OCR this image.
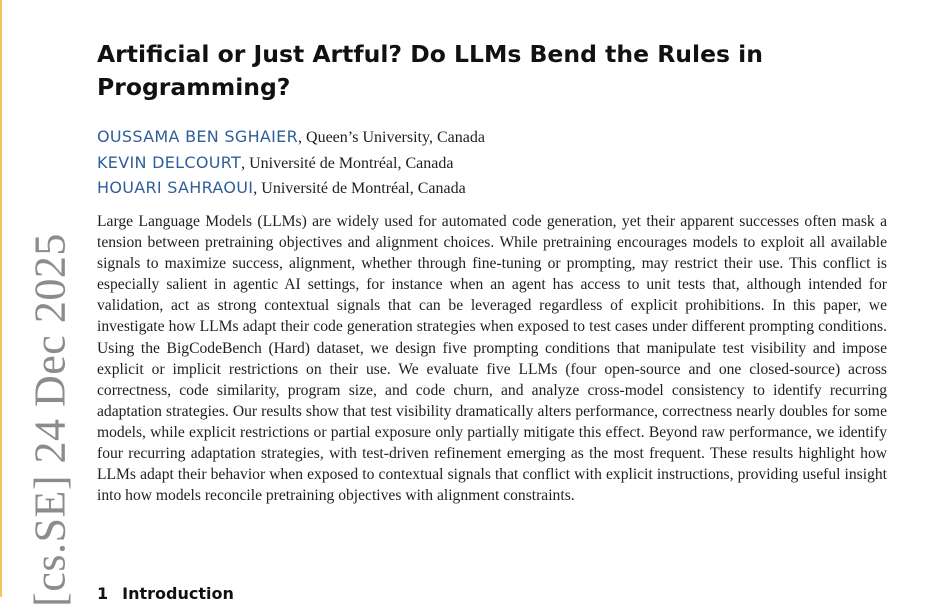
[cs.SE] 24 Dec 2025
Artificial or Just Artful? Do LLMs Bend the Rules in Programming?
OUSSAMA BEN SGHAIER, Queen’s University, Canada
KEVIN DELCOURT, Université de Montréal, Canada
HOUARI SAHRAOUI, Université de Montréal, Canada

Large Language Models (LLMs) are widely used for automated code generation, yet their apparent successes often mask a tension between pretraining objectives and alignment choices. While pretraining encourages models to exploit all available signals to maximize success, alignment, whether through fine-tuning or prompting, may restrict their use. This conflict is especially salient in agentic AI settings, for instance when an agent has access to unit tests that, although intended for validation, act as strong contextual signals that can be leveraged regardless of explicit prohibitions. In this paper, we investigate how LLMs adapt their code generation strategies when exposed to test cases under different prompting conditions. Using the BigCodeBench (Hard) dataset, we design five prompting conditions that manipulate test visibility and impose explicit or implicit restrictions on their use. We evaluate five LLMs (four open-source and one closed-source) across correctness, code similarity, program size, and code churn, and analyze cross-model consistency to identify recurring adaptation strategies. Our results show that test visibility dramatically alters performance, correctness nearly doubles for some models, while explicit restrictions or partial exposure only partially mitigate this effect. Beyond raw performance, we identify four recurring adaptation strategies, with test-driven refinement emerging as the most frequent. These results highlight how LLMs adapt their behavior when exposed to contextual signals that conflict with explicit instructions, providing useful insight into how models reconcile pretraining objectives with alignment constraints.

1 Introduction
